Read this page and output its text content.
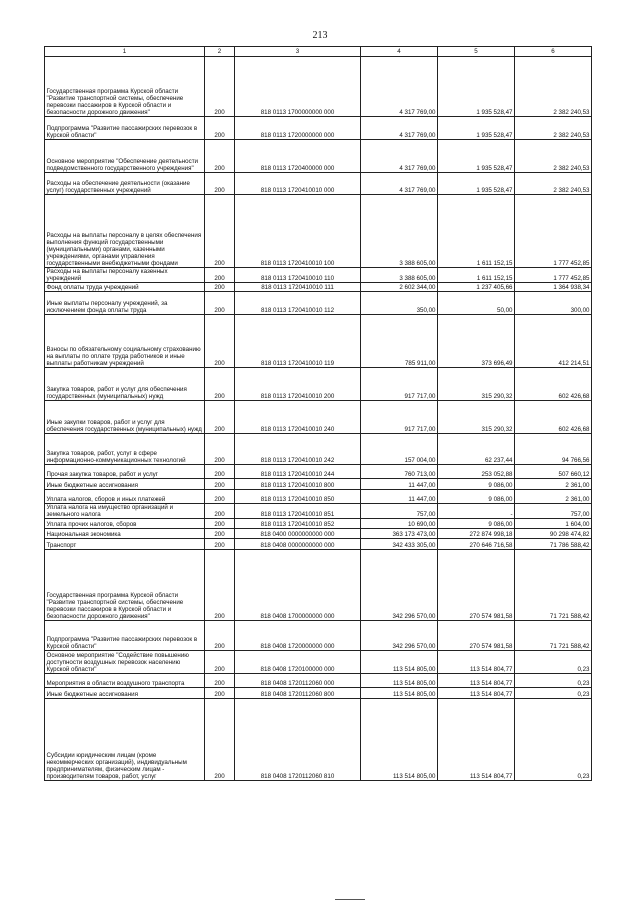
213
1	2	3	4	5	6
Государственная программа Курской области "Развитие транспортной системы, обеспечение перевозки пассажиров в Курской области и безопасности дорожного движения"	200	818 0113 1700000000 000	4 317 769,00	1 935 528,47	2 382 240,53
Подпрограмма "Развитие пассажирских перевозок в Курской области"	200	818 0113 1720000000 000	4 317 769,00	1 935 528,47	2 382 240,53
Основное мероприятие "Обеспечение деятельности подведомственного государственного учреждения"	200	818 0113 1720400000 000	4 317 769,00	1 935 528,47	2 382 240,53
Расходы на обеспечение деятельности (оказание услуг) государственных учреждений	200	818 0113 1720410010 000	4 317 769,00	1 935 528,47	2 382 240,53
Расходы на выплаты персоналу в целях обеспечения выполнения функций государственными (муниципальными) органами, казенными учреждениями, органами управления государственными внебюджетными фондами	200	818 0113 1720410010 100	3 388 605,00	1 611 152,15	1 777 452,85
Расходы на выплаты персоналу казенных учреждений	200	818 0113 1720410010 110	3 388 605,00	1 611 152,15	1 777 452,85
Фонд оплаты труда учреждений	200	818 0113 1720410010 111	2 602 344,00	1 237 405,66	1 364 938,34
Иные выплаты персоналу учреждений, за исключением фонда оплаты труда	200	818 0113 1720410010 112	350,00	50,00	300,00
Взносы по обязательному социальному страхованию на выплаты по оплате труда работников и иные выплаты работникам учреждений	200	818 0113 1720410010 119	785 911,00	373 696,49	412 214,51
Закупка товаров, работ и услуг для обеспечения государственных (муниципальных) нужд	200	818 0113 1720410010 200	917 717,00	315 290,32	602 426,68
Иные закупки товаров, работ и услуг для обеспечения государственных (муниципальных) нужд	200	818 0113 1720410010 240	917 717,00	315 290,32	602 426,68
Закупка товаров, работ, услуг в сфере информационно-коммуникационных технологий	200	818 0113 1720410010 242	157 004,00	62 237,44	94 766,56
Прочая закупка товаров, работ и услуг	200	818 0113 1720410010 244	760 713,00	253 052,88	507 660,12
Иные бюджетные ассигнования	200	818 0113 1720410010 800	11 447,00	9 086,00	2 361,00
Уплата налогов, сборов и иных платежей	200	818 0113 1720410010 850	11 447,00	9 086,00	2 361,00
Уплата налога на имущество организаций и земельного налога	200	818 0113 1720410010 851	757,00	-	757,00
Уплата прочих налогов, сборов	200	818 0113 1720410010 852	10 690,00	9 086,00	1 604,00
Национальная экономика	200	818 0400 0000000000 000	363 173 473,00	272 874 998,18	90 298 474,82
Транспорт	200	818 0408 0000000000 000	342 433 305,00	270 646 716,58	71 786 588,42
Государственная программа Курской области "Развитие транспортной системы, обеспечение перевозки пассажиров в Курской области и безопасности дорожного движения"	200	818 0408 1700000000 000	342 296 570,00	270 574 981,58	71 721 588,42
Подпрограмма "Развитие пассажирских перевозок в Курской области"	200	818 0408 1720000000 000	342 296 570,00	270 574 981,58	71 721 588,42
Основное мероприятие "Содействие повышению доступности воздушных перевозок населению Курской области"	200	818 0408 1720100000 000	113 514 805,00	113 514 804,77	0,23
Мероприятия в области воздушного транспорта	200	818 0408 1720112060 000	113 514 805,00	113 514 804,77	0,23
Иные бюджетные ассигнования	200	818 0408 1720112060 800	113 514 805,00	113 514 804,77	0,23
Субсидии юридическим лицам (кроме некоммерческих организаций), индивидуальным предпринимателям, физическим лицам - производителям товаров, работ, услуг	200	818 0408 1720112060 810	113 514 805,00	113 514 804,77	0,23
